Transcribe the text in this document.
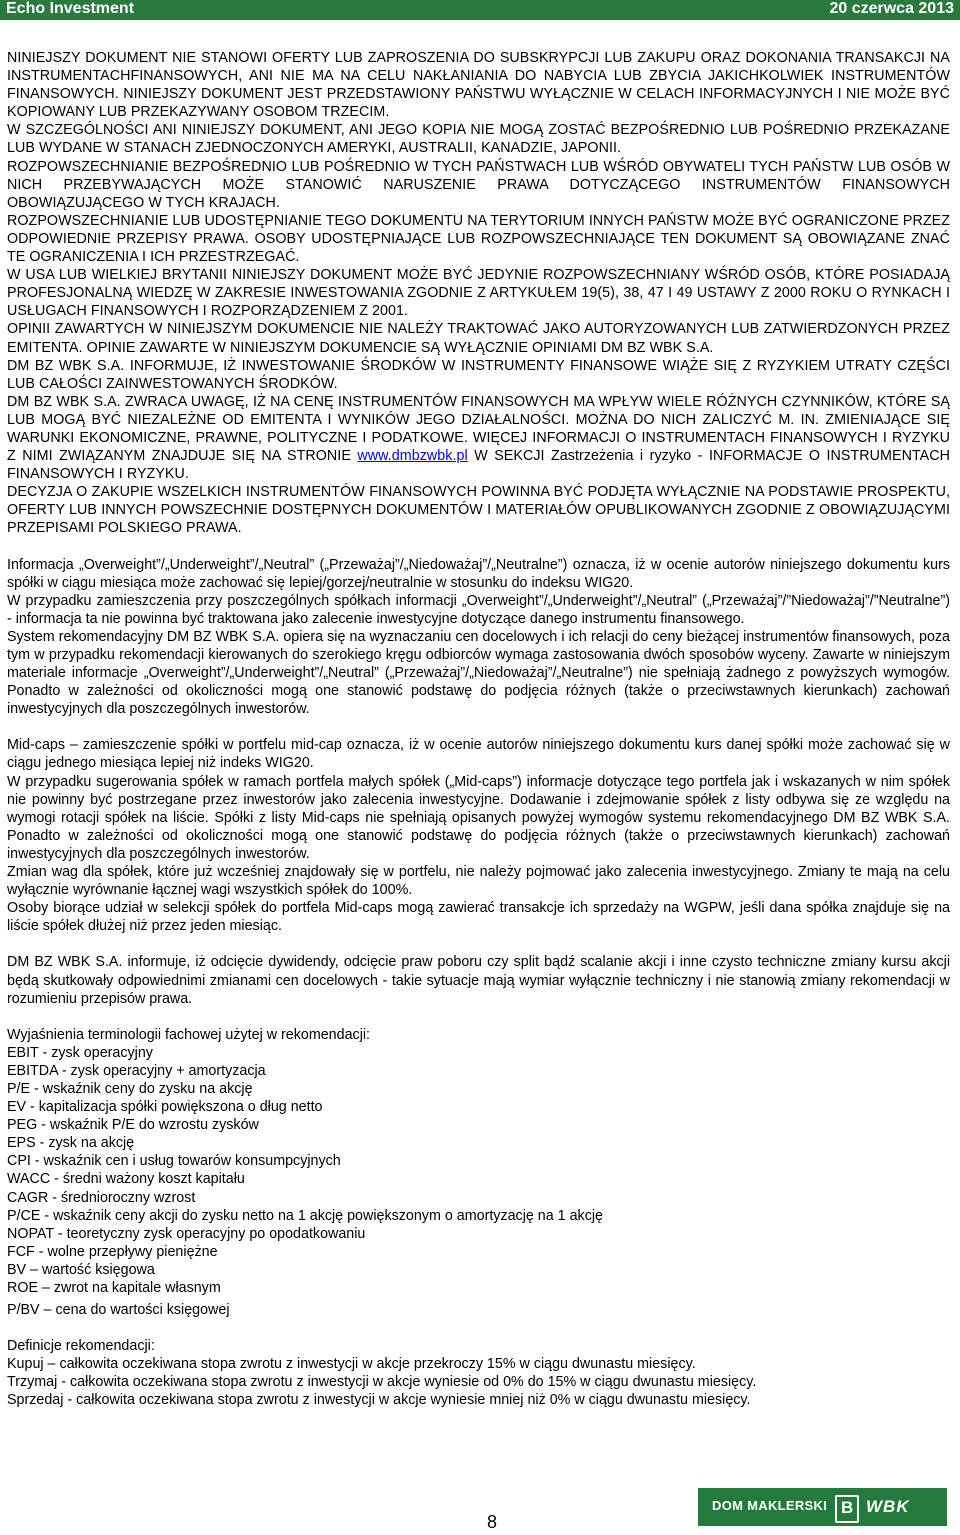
Echo Investment	20 czerwca 2013

NINIEJSZY DOKUMENT NIE STANOWI OFERTY LUB ZAPROSZENIA DO SUBSKRYPCJI LUB ZAKUPU ORAZ DOKONANIA TRANSAKCJI NA INSTRUMENTACHFINANSOWYCH, ANI NIE MA NA CELU NAKŁANIANIA DO NABYCIA LUB ZBYCIA JAKICHKOLWIEK INSTRUMENTÓW FINANSOWYCH. NINIEJSZY DOKUMENT JEST PRZEDSTAWIONY PAŃSTWU WYŁĄCZNIE W CELACH INFORMACYJNYCH I NIE MOŻE BYĆ KOPIOWANY LUB PRZEKAZYWANY OSOBOM TRZECIM.

W SZCZEGÓLNOŚCI ANI NINIEJSZY DOKUMENT, ANI JEGO KOPIA NIE MOGĄ ZOSTAĆ BEZPOŚREDNIO LUB POŚREDNIO PRZEKAZANE LUB WYDANE W STANACH ZJEDNOCZONYCH AMERYKI, AUSTRALII, KANADZIE, JAPONII.

ROZPOWSZECHNIANIE BEZPOŚREDNIO LUB POŚREDNIO W TYCH PAŃSTWACH LUB WŚRÓD OBYWATELI TYCH PAŃSTW LUB OSÓB W NICH PRZEBYWAJĄCYCH MOŻE STANOWIĆ NARUSZENIE PRAWA DOTYCZĄCEGO INSTRUMENTÓW FINANSOWYCH OBOWIĄZUJĄCEGO W TYCH KRAJACH.

ROZPOWSZECHNIANIE LUB UDOSTĘPNIANIE TEGO DOKUMENTU NA TERYTORIUM INNYCH PAŃSTW MOŻE BYĆ OGRANICZONE PRZEZ ODPOWIEDNIE PRZEPISY PRAWA. OSOBY UDOSTĘPNIAJĄCE LUB ROZPOWSZECHNIAJĄCE TEN DOKUMENT SĄ OBOWIĄZANE ZNAĆ TE OGRANICZENIA I ICH PRZESTRZEGAĆ.

W USA LUB WIELKIEJ BRYTANII NINIEJSZY DOKUMENT MOŻE BYĆ JEDYNIE ROZPOWSZECHNIANY WŚRÓD OSÓB, KTÓRE POSIADAJĄ PROFESJONALNĄ WIEDZĘ W ZAKRESIE INWESTOWANIA ZGODNIE Z ARTYKUŁEM 19(5), 38, 47 I 49 USTAWY Z 2000 ROKU O RYNKACH I USŁUGACH FINANSOWYCH I ROZPORZĄDZENIEM Z 2001.

OPINII ZAWARTYCH W NINIEJSZYM DOKUMENCIE NIE NALEŻY TRAKTOWAĆ JAKO AUTORYZOWANYCH LUB ZATWIERDZONYCH PRZEZ EMITENTA. OPINIE ZAWARTE W NINIEJSZYM DOKUMENCIE SĄ WYŁĄCZNIE OPINIAMI DM BZ WBK S.A.

DM BZ WBK S.A. INFORMUJE, IŻ INWESTOWANIE ŚRODKÓW W INSTRUMENTY FINANSOWE WIĄŻE SIĘ Z RYZYKIEM UTRATY CZĘŚCI LUB CAŁOŚCI ZAINWESTOWANYCH ŚRODKÓW.

DM BZ WBK S.A. ZWRACA UWAGĘ, IŻ NA CENĘ INSTRUMENTÓW FINANSOWYCH MA WPŁYW WIELE RÓŻNYCH CZYNNIKÓW, KTÓRE SĄ LUB MOGĄ BYĆ NIEZALEŻNE OD EMITENTA I WYNIKÓW JEGO DZIAŁALNOŚCI. MOŻNA DO NICH ZALICZYĆ M. IN. ZMIENIAJĄCE SIĘ WARUNKI EKONOMICZNE, PRAWNE, POLITYCZNE I PODATKOWE. WIĘCEJ INFORMACJI O INSTRUMENTACH FINANSOWYCH I RYZYKU Z NIMI ZWIĄZANYM ZNAJDUJE SIĘ NA STRONIE www.dmbzwbk.pl W SEKCJI Zastrzeżenia i ryzyko - INFORMACJE O INSTRUMENTACH FINANSOWYCH I RYZYKU.

DECYZJA O ZAKUPIE WSZELKICH INSTRUMENTÓW FINANSOWYCH POWINNA BYĆ PODJĘTA WYŁĄCZNIE NA PODSTAWIE PROSPEKTU, OFERTY LUB INNYCH POWSZECHNIE DOSTĘPNYCH DOKUMENTÓW I MATERIAŁÓW OPUBLIKOWANYCH ZGODNIE Z OBOWIĄZUJĄCYMI PRZEPISAMI POLSKIEGO PRAWA.

Informacja „Overweight”/„Underweight”/„Neutral” („Przeważaj”/„Niedoważaj”/„Neutralne”) oznacza, iż w ocenie autorów niniejszego dokumentu kurs spółki w ciągu miesiąca może zachować się lepiej/gorzej/neutralnie w stosunku do indeksu WIG20.

W przypadku zamieszczenia przy poszczególnych spółkach informacji „Overweight”/„Underweight”/„Neutral” („Przeważaj”/”Niedoważaj”/”Neutralne”) - informacja ta nie powinna być traktowana jako zalecenie inwestycyjne dotyczące danego instrumentu finansowego.

System rekomendacyjny DM BZ WBK S.A. opiera się na wyznaczaniu cen docelowych i ich relacji do ceny bieżącej instrumentów finansowych, poza tym w przypadku rekomendacji kierowanych do szerokiego kręgu odbiorców wymaga zastosowania dwóch sposobów wyceny. Zawarte w niniejszym materiale informacje „Overweight”/„Underweight”/„Neutral” („Przeważaj”/„Niedoważaj”/„Neutralne”) nie spełniają żadnego z powyższych wymogów. Ponadto w zależności od okoliczności mogą one stanowić podstawę do podjęcia różnych (także o przeciwstawnych kierunkach) zachowań inwestycyjnych dla poszczególnych inwestorów.

Mid-caps – zamieszczenie spółki w portfelu mid-cap oznacza, iż w ocenie autorów niniejszego dokumentu kurs danej spółki może zachować się w ciągu jednego miesiąca lepiej niż indeks WIG20.

W przypadku sugerowania spółek w ramach portfela małych spółek („Mid-caps”) informacje dotyczące tego portfela jak i wskazanych w nim spółek nie powinny być postrzegane przez inwestorów jako zalecenia inwestycyjne. Dodawanie i zdejmowanie spółek z listy odbywa się ze względu na wymogi rotacji spółek na liście. Spółki z listy Mid-caps nie spełniają opisanych powyżej wymogów systemu rekomendacyjnego DM BZ WBK S.A. Ponadto w zależności od okoliczności mogą one stanowić podstawę do podjęcia różnych (także o przeciwstawnych kierunkach) zachowań inwestycyjnych dla poszczególnych inwestorów.

Zmian wag dla spółek, które już wcześniej znajdowały się w portfelu, nie należy pojmować jako zalecenia inwestycyjnego. Zmiany te mają na celu wyłącznie wyrównanie łącznej wagi wszystkich spółek do 100%.

Osoby biorące udział w selekcji spółek do portfela Mid-caps mogą zawierać transakcje ich sprzedaży na WGPW, jeśli dana spółka znajduje się na liście spółek dłużej niż przez jeden miesiąc.

DM BZ WBK S.A. informuje, iż odcięcie dywidendy, odcięcie praw poboru czy split bądź scalanie akcji i inne czysto techniczne zmiany kursu akcji będą skutkowały odpowiednimi zmianami cen docelowych - takie sytuacje mają wymiar wyłącznie techniczny i nie stanowią zmiany rekomendacji w rozumieniu przepisów prawa.

Wyjaśnienia terminologii fachowej użytej w rekomendacji:

EBIT - zysk operacyjny

EBITDA - zysk operacyjny + amortyzacja

P/E - wskaźnik ceny do zysku na akcję

EV - kapitalizacja spółki powiększona o dług netto

PEG - wskaźnik P/E do wzrostu zysków

EPS - zysk na akcję

CPI - wskaźnik cen i usług towarów konsumpcyjnych

WACC - średni ważony koszt kapitału

CAGR - średnioroczny wzrost

P/CE - wskaźnik ceny akcji do zysku netto na 1 akcję powiększonym o amortyzację na 1 akcję

NOPAT - teoretyczny zysk operacyjny po opodatkowaniu

FCF - wolne przepływy pieniężne

BV – wartość księgowa

ROE – zwrot na kapitale własnym

P/BV – cena do wartości księgowej

Definicje rekomendacji:

Kupuj – całkowita oczekiwana stopa zwrotu z inwestycji w akcje przekroczy 15% w ciągu dwunastu miesięcy.

Trzymaj - całkowita oczekiwana stopa zwrotu z inwestycji w akcje wyniesie od 0% do 15% w ciągu dwunastu miesięcy.

Sprzedaj - całkowita oczekiwana stopa zwrotu z inwestycji w akcje wyniesie mniej niż 0% w ciągu dwunastu miesięcy.

8
DOM MAKLERSKI B WBK
